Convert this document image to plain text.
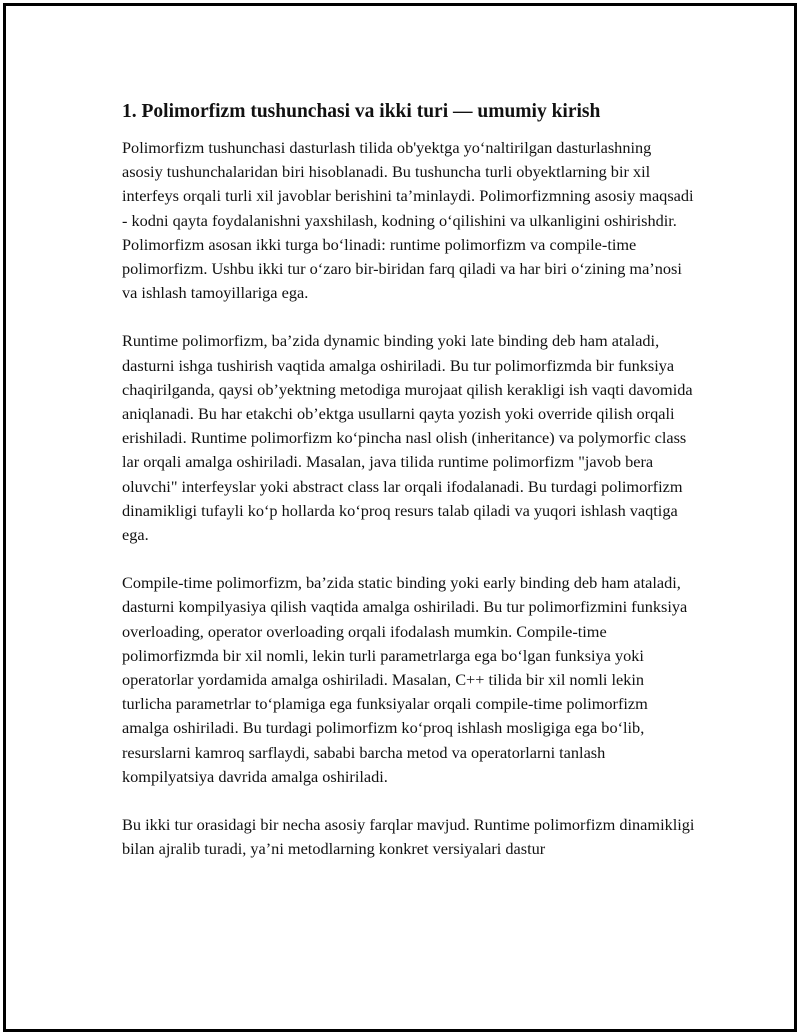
1. Polimorfizm tushunchasi va ikki turi — umumiy kirish

Polimorfizm tushunchasi dasturlash tilida ob'yektga yo‘naltirilgan dasturlashning asosiy tushunchalaridan biri hisoblanadi. Bu tushuncha turli obyektlarning bir xil interfeys orqali turli xil javoblar berishini ta’minlaydi. Polimorfizmning asosiy maqsadi - kodni qayta foydalanishni yaxshilash, kodning o‘qilishini va ulkanligini oshirishdir. Polimorfizm asosan ikki turga bo‘linadi: runtime polimorfizm va compile-time polimorfizm. Ushbu ikki tur o‘zaro bir-biridan farq qiladi va har biri o‘zining ma’nosi va ishlash tamoyillariga ega.

Runtime polimorfizm, ba’zida dynamic binding yoki late binding deb ham ataladi, dasturni ishga tushirish vaqtida amalga oshiriladi. Bu tur polimorfizmda bir funksiya chaqirilganda, qaysi ob’yektning metodiga murojaat qilish kerakligi ish vaqti davomida aniqlanadi. Bu har etakchi ob’ektga usullarni qayta yozish yoki override qilish orqali erishiladi. Runtime polimorfizm ko‘pincha nasl olish (inheritance) va polymorfic class lar orqali amalga oshiriladi. Masalan, java tilida runtime polimorfizm "javob bera oluvchi" interfeyslar yoki abstract class lar orqali ifodalanadi. Bu turdagi polimorfizm dinamikligi tufayli ko‘p hollarda ko‘proq resurs talab qiladi va yuqori ishlash vaqtiga ega.

Compile-time polimorfizm, ba’zida static binding yoki early binding deb ham ataladi, dasturni kompilyasiya qilish vaqtida amalga oshiriladi. Bu tur polimorfizmini funksiya overloading, operator overloading orqali ifodalash mumkin. Compile-time polimorfizmda bir xil nomli, lekin turli parametrlarga ega bo‘lgan funksiya yoki operatorlar yordamida amalga oshiriladi. Masalan, C++ tilida bir xil nomli lekin turlicha parametrlar to‘plamiga ega funksiyalar orqali compile-time polimorfizm amalga oshiriladi. Bu turdagi polimorfizm ko‘proq ishlash mosligiga ega bo‘lib, resurslarni kamroq sarflaydi, sababi barcha metod va operatorlarni tanlash kompilyatsiya davrida amalga oshiriladi.

Bu ikki tur orasidagi bir necha asosiy farqlar mavjud. Runtime polimorfizm dinamikligi bilan ajralib turadi, ya’ni metodlarning konkret versiyalari dastur
